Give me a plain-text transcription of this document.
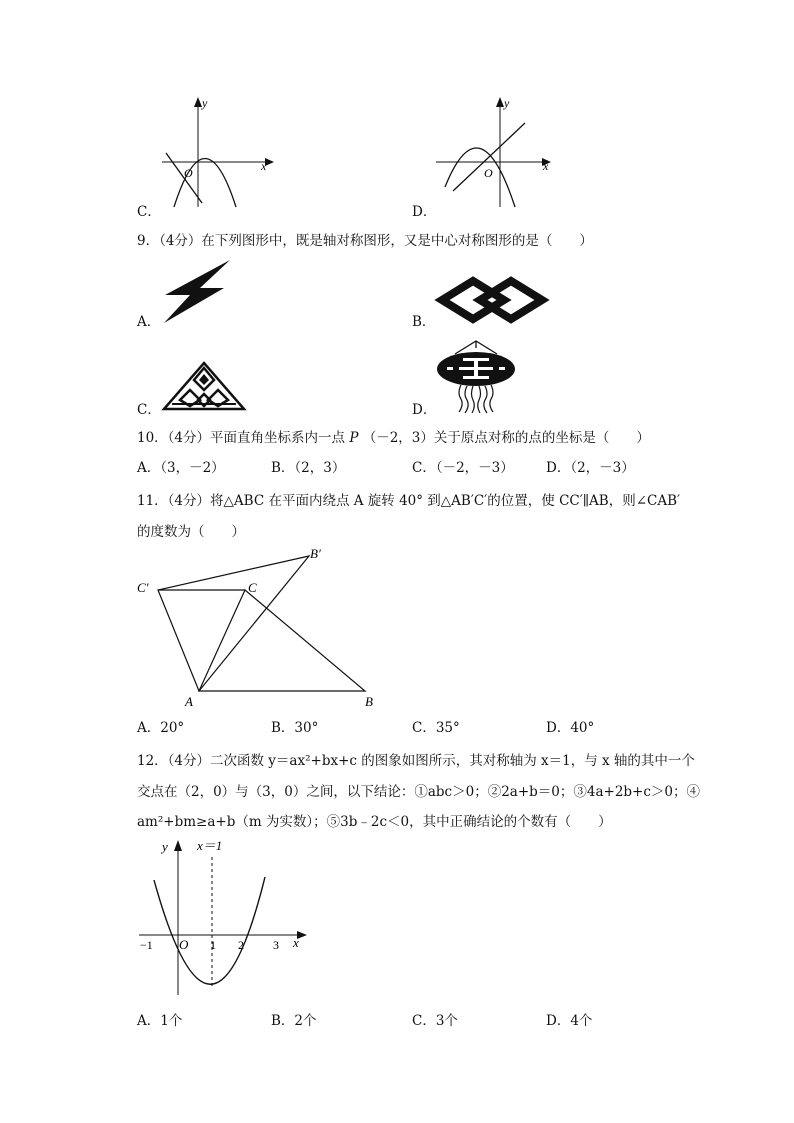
x
y
O
C．
x
y
O
D．
9．（4分）在下列图形中，既是轴对称图形，又是中心对称图形的是（　　）
A．	B．
C．	D．
10．（4分）平面直角坐标系内一点 P （－2，3）关于原点对称的点的坐标是（　　）
A．（3，－2）	B．（2，3）	C．（－2，－3） D．（2，－3）
11．（4分）将△ABC 在平面内绕点 A 旋转 40° 到△AB′C′的位置，使 CC′∥AB，则∠CAB′
的度数为（　　）
A	B
C
B′
C′
A．20°	B．30°	C．35°	D．40°
12．（4分）二次函数 y＝ax²+bx+c 的图象如图所示，其对称轴为 x＝1，与 x 轴的其中一个
交点在（2，0）与（3，0）之间，以下结论：①abc＞0；②2a+b＝0；③4a+2b+c＞0；④
am²+bm≥a+b（m 为实数）；⑤3b﹣2c＜0，其中正确结论的个数有（　　）
y x＝1
O
−1	1 2 3 x
A．1个	B．2个	C．3个	D．4个
